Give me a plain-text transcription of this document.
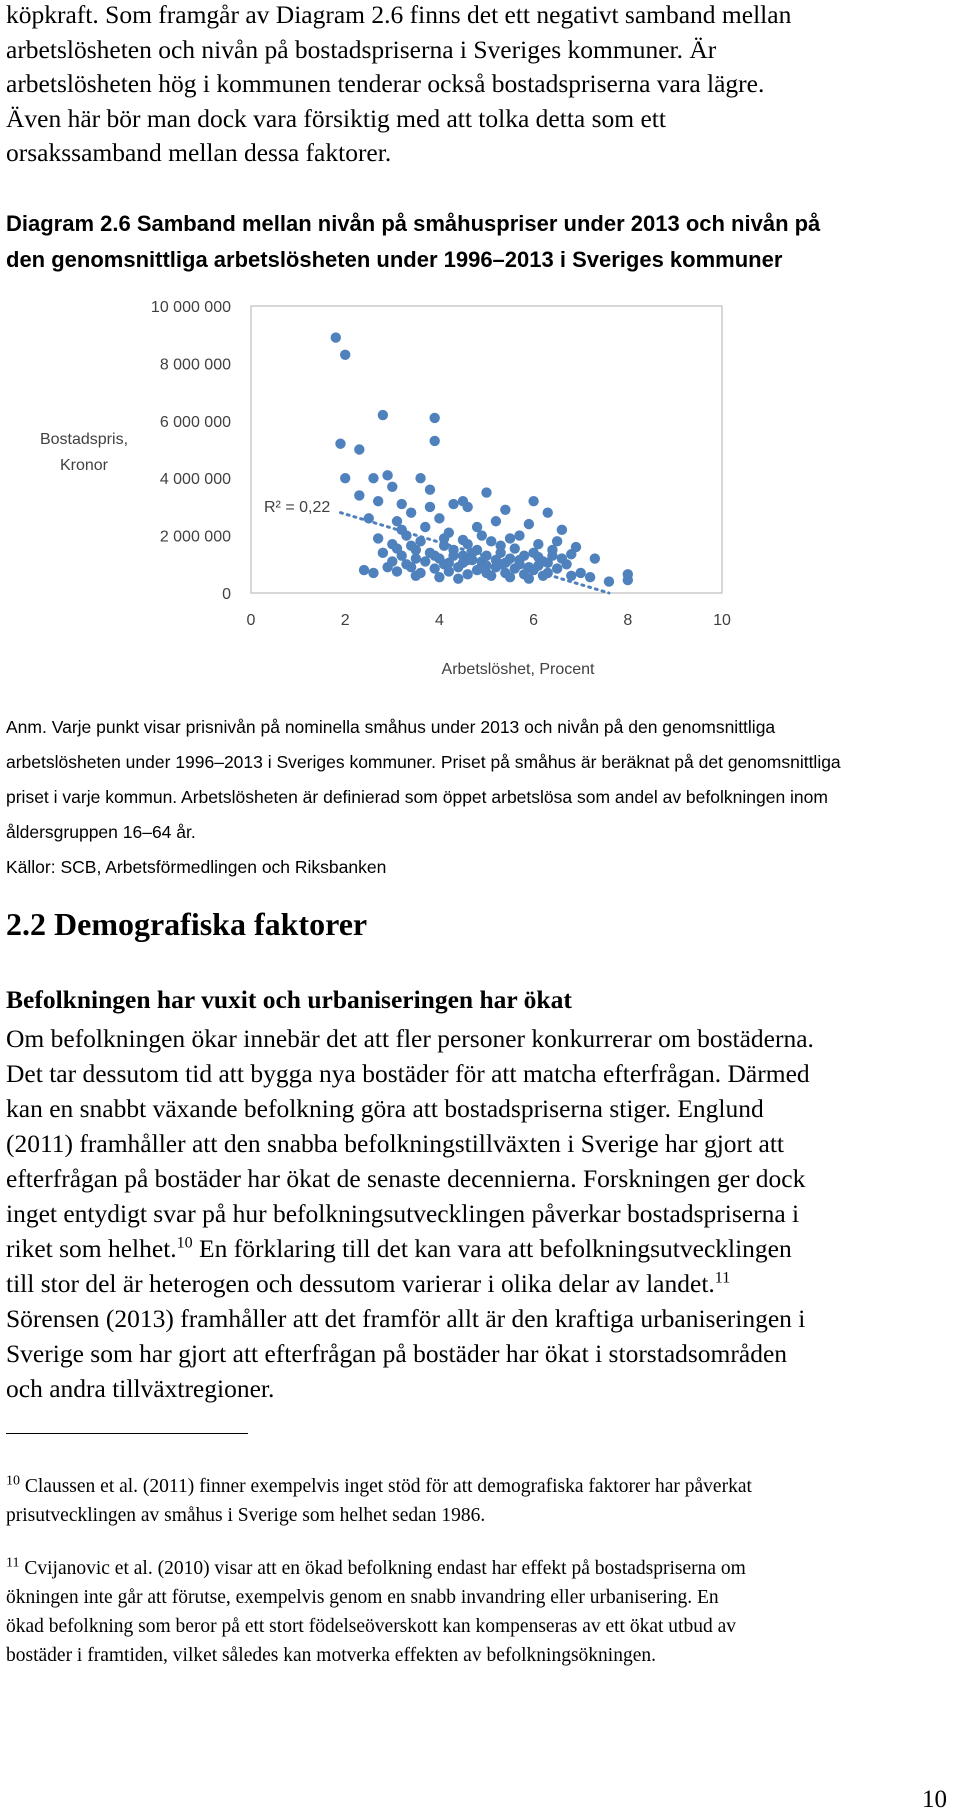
köpkraft. Som framgår av Diagram 2.6 finns det ett negativt samband mellan
arbetslösheten och nivån på bostadspriserna i Sveriges kommuner. Är
arbetslösheten hög i kommunen tenderar också bostadspriserna vara lägre.
Även här bör man dock vara försiktig med att tolka detta som ett
orsakssamband mellan dessa faktorer.

Diagram 2.6 Samband mellan nivån på småhuspriser under 2013 och nivån på
den genomsnittliga arbetslösheten under 1996–2013 i Sveriges kommuner

0
2 000 000
4 000 000
6 000 000
8 000 000
10 000 000
0	2	4	6	8	10
Bostadspris,
Kronor
Arbetslöshet, Procent
R² = 0,22

Anm. Varje punkt visar prisnivån på nominella småhus under 2013 och nivån på den genomsnittliga
arbetslösheten under 1996–2013 i Sveriges kommuner. Priset på småhus är beräknat på det genomsnittliga
priset i varje kommun. Arbetslösheten är definierad som öppet arbetslösa som andel av befolkningen inom
åldersgruppen 16–64 år.
Källor: SCB, Arbetsförmedlingen och Riksbanken

2.2 Demografiska faktorer
Befolkningen har vuxit och urbaniseringen har ökat

Om befolkningen ökar innebär det att fler personer konkurrerar om bostäderna.
Det tar dessutom tid att bygga nya bostäder för att matcha efterfrågan. Därmed
kan en snabbt växande befolkning göra att bostadspriserna stiger. Englund
(2011) framhåller att den snabba befolkningstillväxten i Sverige har gjort att
efterfrågan på bostäder har ökat de senaste decennierna. Forskningen ger dock
inget entydigt svar på hur befolkningsutvecklingen påverkar bostadspriserna i
riket som helhet.$^{10}$ En förklaring till det kan vara att befolkningsutvecklingen
till stor del är heterogen och dessutom varierar i olika delar av landet.$^{11}$
Sörensen (2013) framhåller att det framför allt är den kraftiga urbaniseringen i
Sverige som har gjort att efterfrågan på bostäder har ökat i storstadsområden
och andra tillväxtregioner.

$^{10}$ Claussen et al. (2011) finner exempelvis inget stöd för att demografiska faktorer har påverkat
prisutvecklingen av småhus i Sverige som helhet sedan 1986.

$^{11}$ Cvijanovic et al. (2010) visar att en ökad befolkning endast har effekt på bostadspriserna om
ökningen inte går att förutse, exempelvis genom en snabb invandring eller urbanisering. En
ökad befolkning som beror på ett stort födelseöverskott kan kompenseras av ett ökat utbud av
bostäder i framtiden, vilket således kan motverka effekten av befolkningsökningen.

10
